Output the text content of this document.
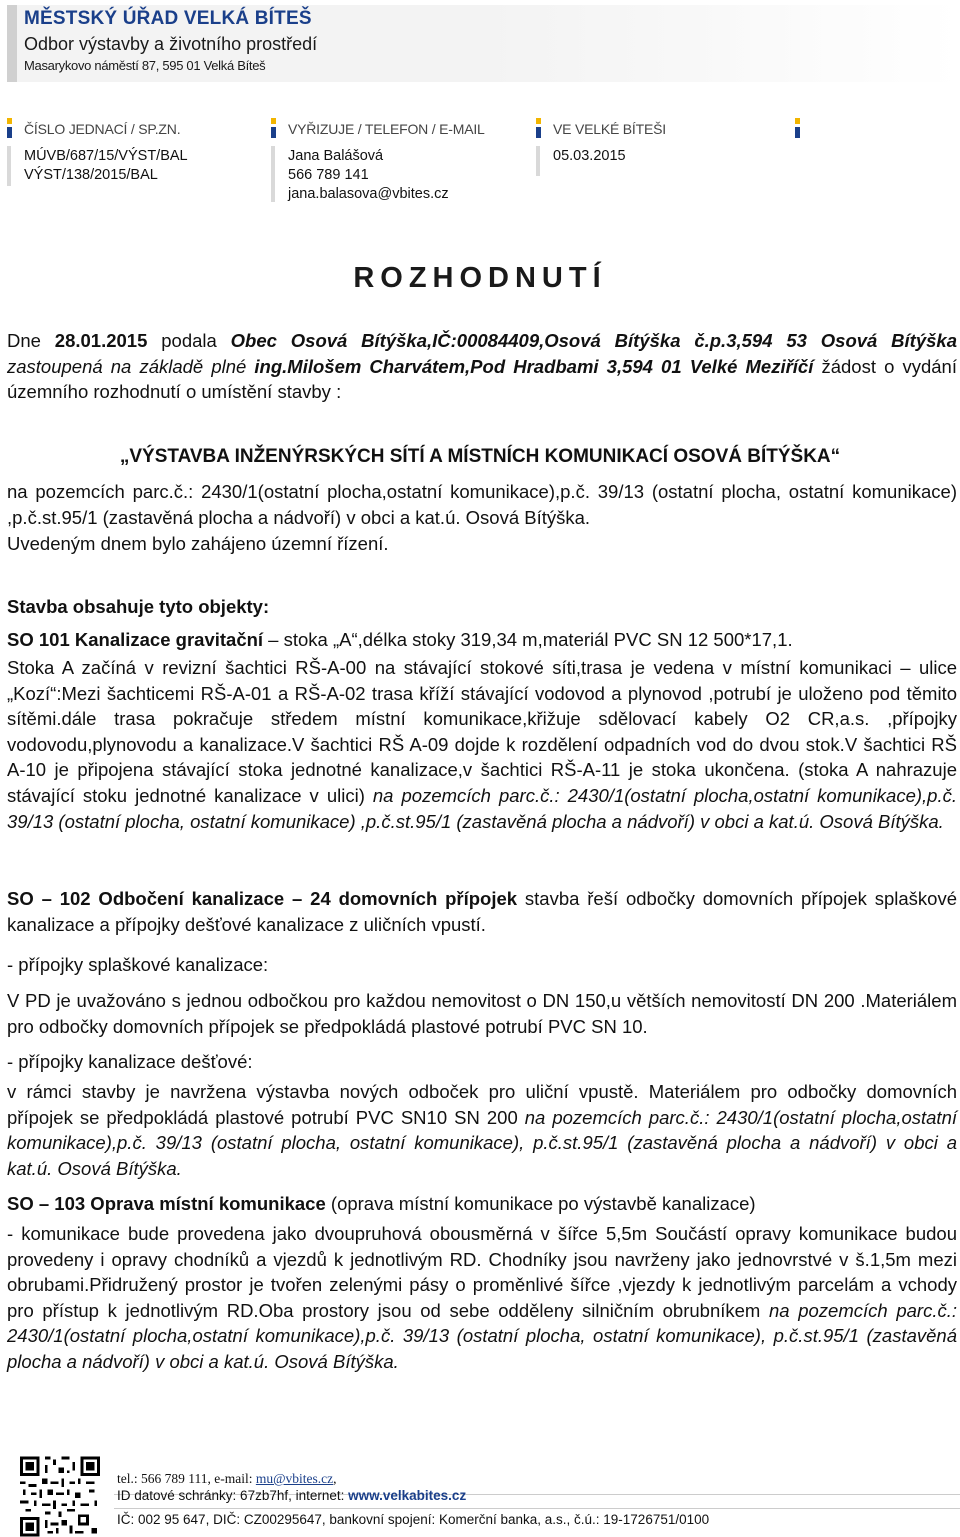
MĚSTSKÝ ÚŘAD VELKÁ BÍTEŠ
Odbor výstavby a životního prostředí
Masarykovo náměstí 87, 595 01 Velká Bíteš
ČÍSLO JEDNACÍ / SP.ZN.
MÚVB/687/15/VÝST/BAL
VÝST/138/2015/BAL
VYŘIZUJE / TELEFON / E-MAIL
Jana Balášová
566 789 141
jana.balasova@vbites.cz
VE VELKÉ BÍTEŠI
05.03.2015
ROZHODNUTÍ
Dne 28.01.2015 podala Obec Osová Bítýška,IČ:00084409,Osová Bítýška č.p.3,594 53 Osová Bítýška zastoupená na základě plné ing.Milošem Charvátem,Pod Hradbami 3,594 01 Velké Meziříčí žádost o vydání územního rozhodnutí o umístění stavby :
„VÝSTAVBA INŽENÝRSKÝCH SÍTÍ A MÍSTNÍCH KOMUNIKACÍ OSOVÁ BÍTÝŠKA“
na pozemcích parc.č.: 2430/1(ostatní plocha,ostatní komunikace),p.č. 39/13 (ostatní plocha, ostatní komunikace) ,p.č.st.95/1 (zastavěná plocha a nádvoří) v obci a kat.ú. Osová Bítýška.
Uvedeným dnem bylo zahájeno územní řízení.
Stavba obsahuje tyto objekty:
SO 101 Kanalizace gravitační – stoka „A“,délka stoky 319,34 m,materiál PVC SN 12 500*17,1.
Stoka A začíná v revizní šachtici RŠ-A-00 na stávající stokové síti,trasa je vedena v místní komunikaci – ulice „Kozí“:Mezi šachticemi RŠ-A-01 a RŠ-A-02 trasa kříží stávající vodovod a plynovod ,potrubí je uloženo pod těmito sítěmi.dále trasa pokračuje středem místní komunikace,křižuje sdělovací kabely O2 CR,a.s. ,přípojky vodovodu,plynovodu a kanalizace.V šachtici RŠ A-09 dojde k rozdělení odpadních vod do dvou stok.V šachtici RŠ A-10 je připojena stávající stoka jednotné kanalizace,v šachtici RŠ-A-11 je stoka ukončena. (stoka A nahrazuje stávající stoku jednotné kanalizace v ulici) na pozemcích parc.č.: 2430/1(ostatní plocha,ostatní komunikace),p.č. 39/13 (ostatní plocha, ostatní komunikace) ,p.č.st.95/1 (zastavěná plocha a nádvoří) v obci a kat.ú. Osová Bítýška.
SO – 102 Odbočení kanalizace – 24 domovních přípojek stavba řeší odbočky domovních přípojek splaškové kanalizace a přípojky dešťové kanalizace z uličních vpustí.
- přípojky splaškové kanalizace:
V PD je uvažováno s jednou odbočkou pro každou nemovitost o DN 150,u větších nemovitostí DN 200 .Materiálem pro odbočky domovních přípojek se předpokládá plastové potrubí PVC SN 10.
- přípojky kanalizace dešťové:
v rámci stavby je navržena výstavba nových odboček pro uliční vpustě. Materiálem pro odbočky domovních přípojek se předpokládá plastové potrubí PVC SN10 SN 200 na pozemcích parc.č.: 2430/1(ostatní plocha,ostatní komunikace),p.č. 39/13 (ostatní plocha, ostatní komunikace), p.č.st.95/1 (zastavěná plocha a nádvoří) v obci a kat.ú. Osová Bítýška.
SO – 103 Oprava místní komunikace (oprava místní komunikace po výstavbě kanalizace)
- komunikace bude provedena jako dvoupruhová obousměrná v šířce 5,5m Součástí opravy komunikace budou provedeny i opravy chodníků a vjezdů k jednotlivým RD. Chodníky jsou navrženy jako jednovrstvé v š.1,5m mezi obrubami.Přidružený prostor je tvořen zelenými pásy o proměnlivé šířce ,vjezdy k jednotlivým parcelám a vchody pro přístup k jednotlivým RD.Oba prostory jsou od sebe odděleny silničním obrubníkem na pozemcích parc.č.: 2430/1(ostatní plocha,ostatní komunikace),p.č. 39/13 (ostatní plocha, ostatní komunikace), p.č.st.95/1 (zastavěná plocha a nádvoří) v obci a kat.ú. Osová Bítýška.
tel.: 566 789 111, e-mail: mu@vbites.cz,
ID datové schránky: 67zb7hf, internet: www.velkabites.cz
IČ: 002 95 647, DIČ: CZ00295647, bankovní spojení: Komerční banka, a.s., č.ú.: 19-1726751/0100
